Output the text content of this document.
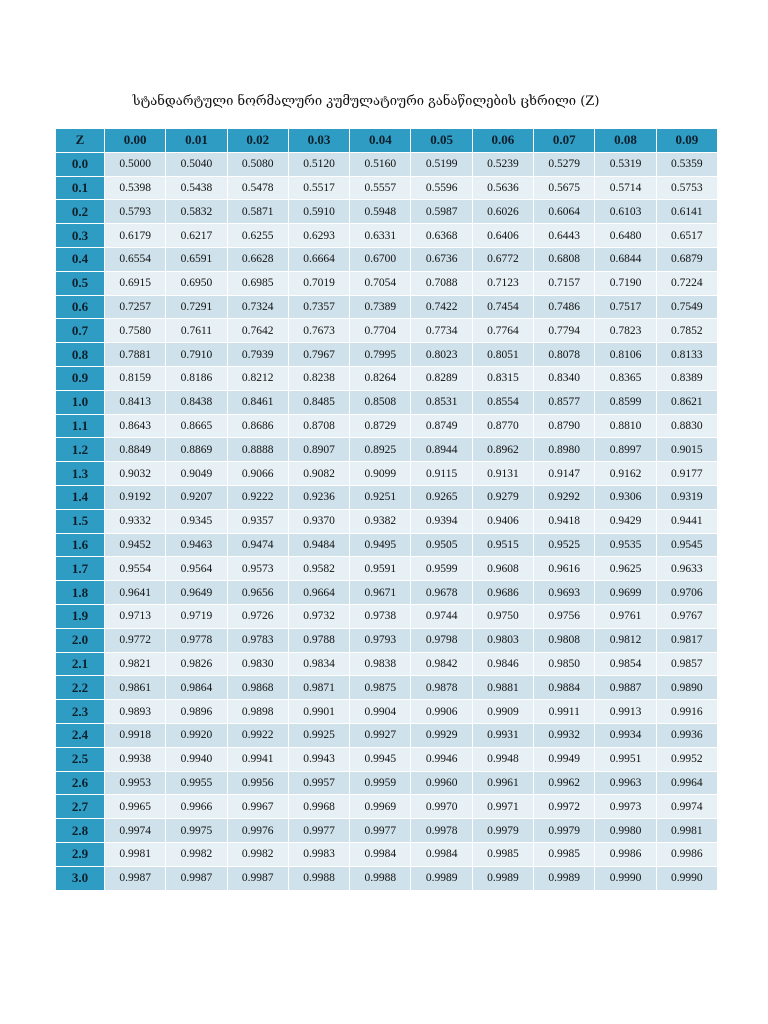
სტანდარტული ნორმალური კუმულატიური განაწილების ცხრილი (Z)
Z	0.00	0.01	0.02	0.03	0.04	0.05	0.06	0.07	0.08	0.09
0.0	0.5000	0.5040	0.5080	0.5120	0.5160	0.5199	0.5239	0.5279	0.5319	0.5359
0.1	0.5398	0.5438	0.5478	0.5517	0.5557	0.5596	0.5636	0.5675	0.5714	0.5753
0.2	0.5793	0.5832	0.5871	0.5910	0.5948	0.5987	0.6026	0.6064	0.6103	0.6141
0.3	0.6179	0.6217	0.6255	0.6293	0.6331	0.6368	0.6406	0.6443	0.6480	0.6517
0.4	0.6554	0.6591	0.6628	0.6664	0.6700	0.6736	0.6772	0.6808	0.6844	0.6879
0.5	0.6915	0.6950	0.6985	0.7019	0.7054	0.7088	0.7123	0.7157	0.7190	0.7224
0.6	0.7257	0.7291	0.7324	0.7357	0.7389	0.7422	0.7454	0.7486	0.7517	0.7549
0.7	0.7580	0.7611	0.7642	0.7673	0.7704	0.7734	0.7764	0.7794	0.7823	0.7852
0.8	0.7881	0.7910	0.7939	0.7967	0.7995	0.8023	0.8051	0.8078	0.8106	0.8133
0.9	0.8159	0.8186	0.8212	0.8238	0.8264	0.8289	0.8315	0.8340	0.8365	0.8389
1.0	0.8413	0.8438	0.8461	0.8485	0.8508	0.8531	0.8554	0.8577	0.8599	0.8621
1.1	0.8643	0.8665	0.8686	0.8708	0.8729	0.8749	0.8770	0.8790	0.8810	0.8830
1.2	0.8849	0.8869	0.8888	0.8907	0.8925	0.8944	0.8962	0.8980	0.8997	0.9015
1.3	0.9032	0.9049	0.9066	0.9082	0.9099	0.9115	0.9131	0.9147	0.9162	0.9177
1.4	0.9192	0.9207	0.9222	0.9236	0.9251	0.9265	0.9279	0.9292	0.9306	0.9319
1.5	0.9332	0.9345	0.9357	0.9370	0.9382	0.9394	0.9406	0.9418	0.9429	0.9441
1.6	0.9452	0.9463	0.9474	0.9484	0.9495	0.9505	0.9515	0.9525	0.9535	0.9545
1.7	0.9554	0.9564	0.9573	0.9582	0.9591	0.9599	0.9608	0.9616	0.9625	0.9633
1.8	0.9641	0.9649	0.9656	0.9664	0.9671	0.9678	0.9686	0.9693	0.9699	0.9706
1.9	0.9713	0.9719	0.9726	0.9732	0.9738	0.9744	0.9750	0.9756	0.9761	0.9767
2.0	0.9772	0.9778	0.9783	0.9788	0.9793	0.9798	0.9803	0.9808	0.9812	0.9817
2.1	0.9821	0.9826	0.9830	0.9834	0.9838	0.9842	0.9846	0.9850	0.9854	0.9857
2.2	0.9861	0.9864	0.9868	0.9871	0.9875	0.9878	0.9881	0.9884	0.9887	0.9890
2.3	0.9893	0.9896	0.9898	0.9901	0.9904	0.9906	0.9909	0.9911	0.9913	0.9916
2.4	0.9918	0.9920	0.9922	0.9925	0.9927	0.9929	0.9931	0.9932	0.9934	0.9936
2.5	0.9938	0.9940	0.9941	0.9943	0.9945	0.9946	0.9948	0.9949	0.9951	0.9952
2.6	0.9953	0.9955	0.9956	0.9957	0.9959	0.9960	0.9961	0.9962	0.9963	0.9964
2.7	0.9965	0.9966	0.9967	0.9968	0.9969	0.9970	0.9971	0.9972	0.9973	0.9974
2.8	0.9974	0.9975	0.9976	0.9977	0.9977	0.9978	0.9979	0.9979	0.9980	0.9981
2.9	0.9981	0.9982	0.9982	0.9983	0.9984	0.9984	0.9985	0.9985	0.9986	0.9986
3.0	0.9987	0.9987	0.9987	0.9988	0.9988	0.9989	0.9989	0.9989	0.9990	0.9990
